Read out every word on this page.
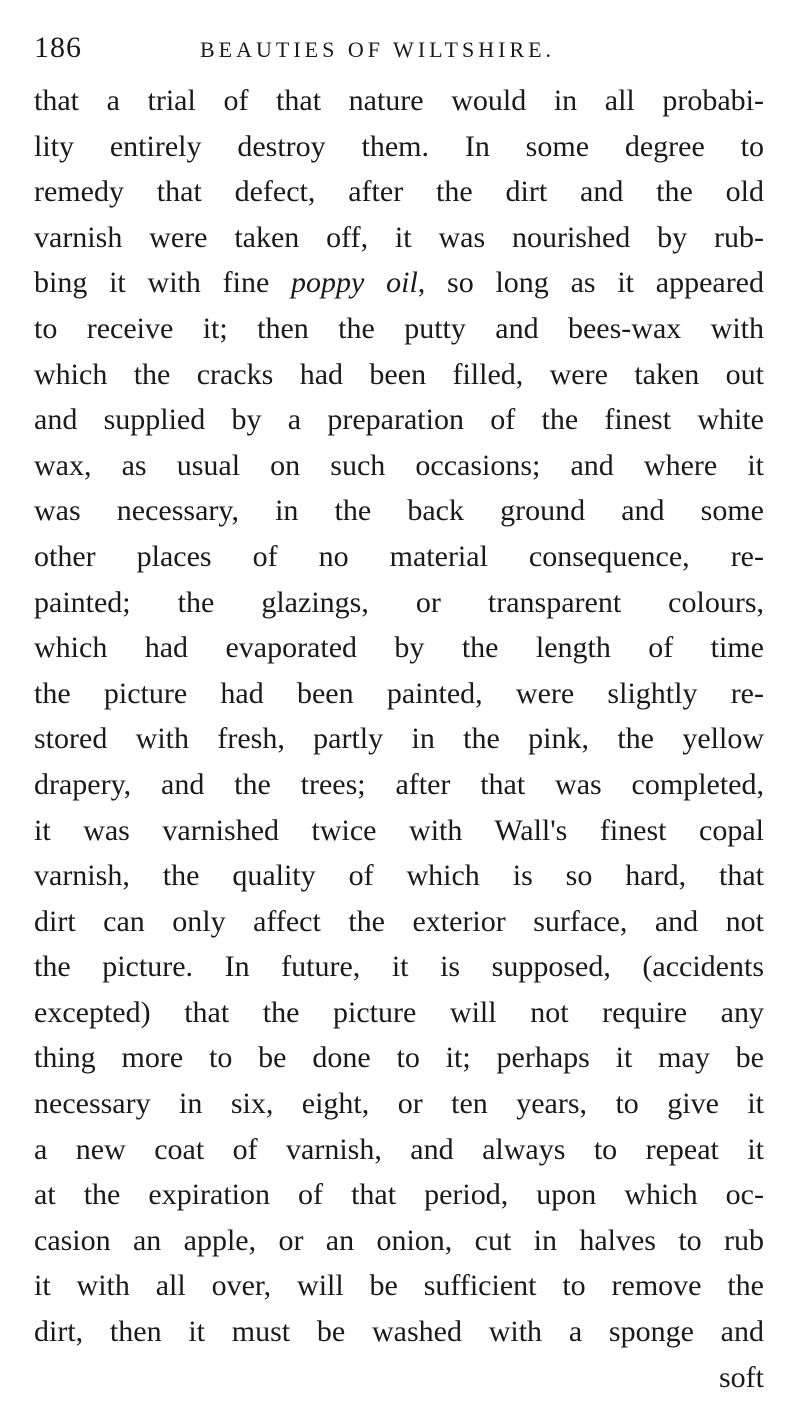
186	BEAUTIES OF WILTSHIRE.
that a trial of that nature would in all probabi-
lity entirely destroy them. In some degree to
remedy that defect, after the dirt and the old
varnish were taken off, it was nourished by rub-
bing it with fine poppy oil, so long as it appeared
to receive it; then the putty and bees-wax with
which the cracks had been filled, were taken out
and supplied by a preparation of the finest white
wax, as usual on such occasions; and where it
was necessary, in the back ground and some
other places of no material consequence, re-
painted; the glazings, or transparent colours,
which had evaporated by the length of time
the picture had been painted, were slightly re-
stored with fresh, partly in the pink, the yellow
drapery, and the trees; after that was completed,
it was varnished twice with Wall's finest copal
varnish, the quality of which is so hard, that
dirt can only affect the exterior surface, and not
the picture. In future, it is supposed, (accidents
excepted) that the picture will not require any
thing more to be done to it; perhaps it may be
necessary in six, eight, or ten years, to give it
a new coat of varnish, and always to repeat it
at the expiration of that period, upon which oc-
casion an apple, or an onion, cut in halves to rub
it with all over, will be sufficient to remove the
dirt, then it must be washed with a sponge and
soft
